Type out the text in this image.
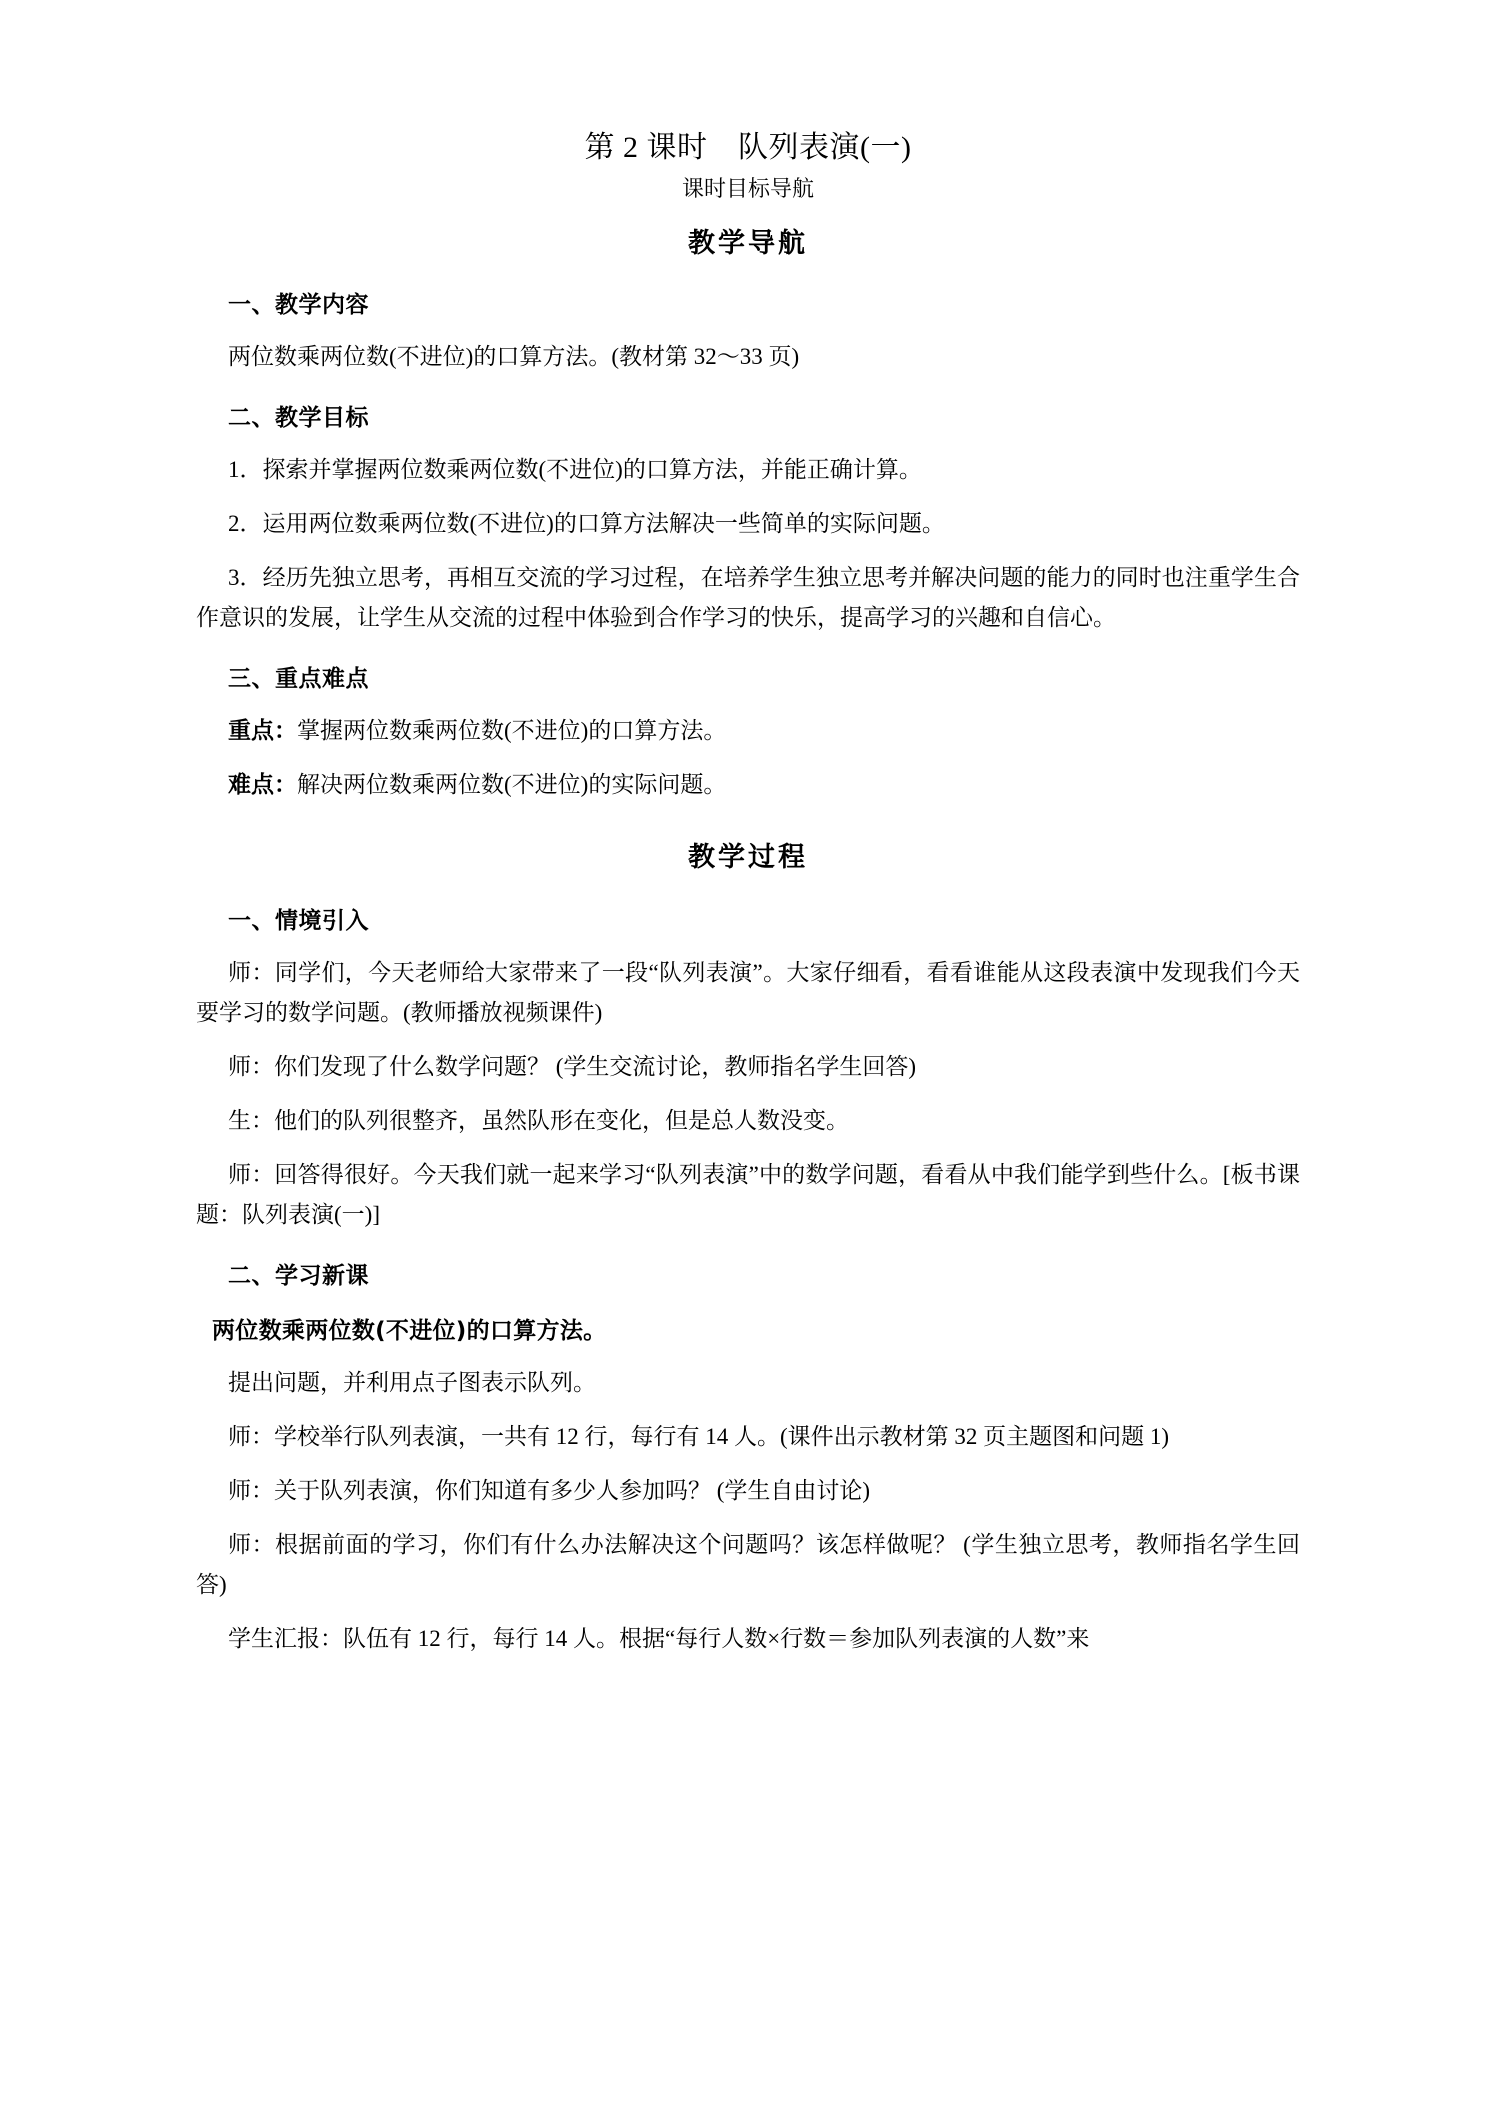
第 2 课时　队列表演(一)
课时目标导航
教学导航
一、教学内容

两位数乘两位数(不进位)的口算方法。(教材第 32～33 页)

二、教学目标

1．探索并掌握两位数乘两位数(不进位)的口算方法，并能正确计算。

2．运用两位数乘两位数(不进位)的口算方法解决一些简单的实际问题。

3．经历先独立思考，再相互交流的学习过程，在培养学生独立思考并解决问题的能力的同时也注重学生合作意识的发展，让学生从交流的过程中体验到合作学习的快乐，提高学习的兴趣和自信心。

三、重点难点

重点：掌握两位数乘两位数(不进位)的口算方法。

难点：解决两位数乘两位数(不进位)的实际问题。

教学过程
一、情境引入

师：同学们，今天老师给大家带来了一段“队列表演”。大家仔细看，看看谁能从这段表演中发现我们今天要学习的数学问题。(教师播放视频课件)

师：你们发现了什么数学问题？ (学生交流讨论，教师指名学生回答)

生：他们的队列很整齐，虽然队形在变化，但是总人数没变。

师：回答得很好。今天我们就一起来学习“队列表演”中的数学问题，看看从中我们能学到些什么。[板书课题：队列表演(一)]

二、学习新课
两位数乘两位数(不进位)的口算方法。

提出问题，并利用点子图表示队列。

师：学校举行队列表演，一共有 12 行，每行有 14 人。(课件出示教材第 32 页主题图和问题 1)

师：关于队列表演，你们知道有多少人参加吗？ (学生自由讨论)

师：根据前面的学习，你们有什么办法解决这个问题吗？该怎样做呢？ (学生独立思考，教师指名学生回答)

学生汇报：队伍有 12 行，每行 14 人。根据“每行人数×行数＝参加队列表演的人数”来
